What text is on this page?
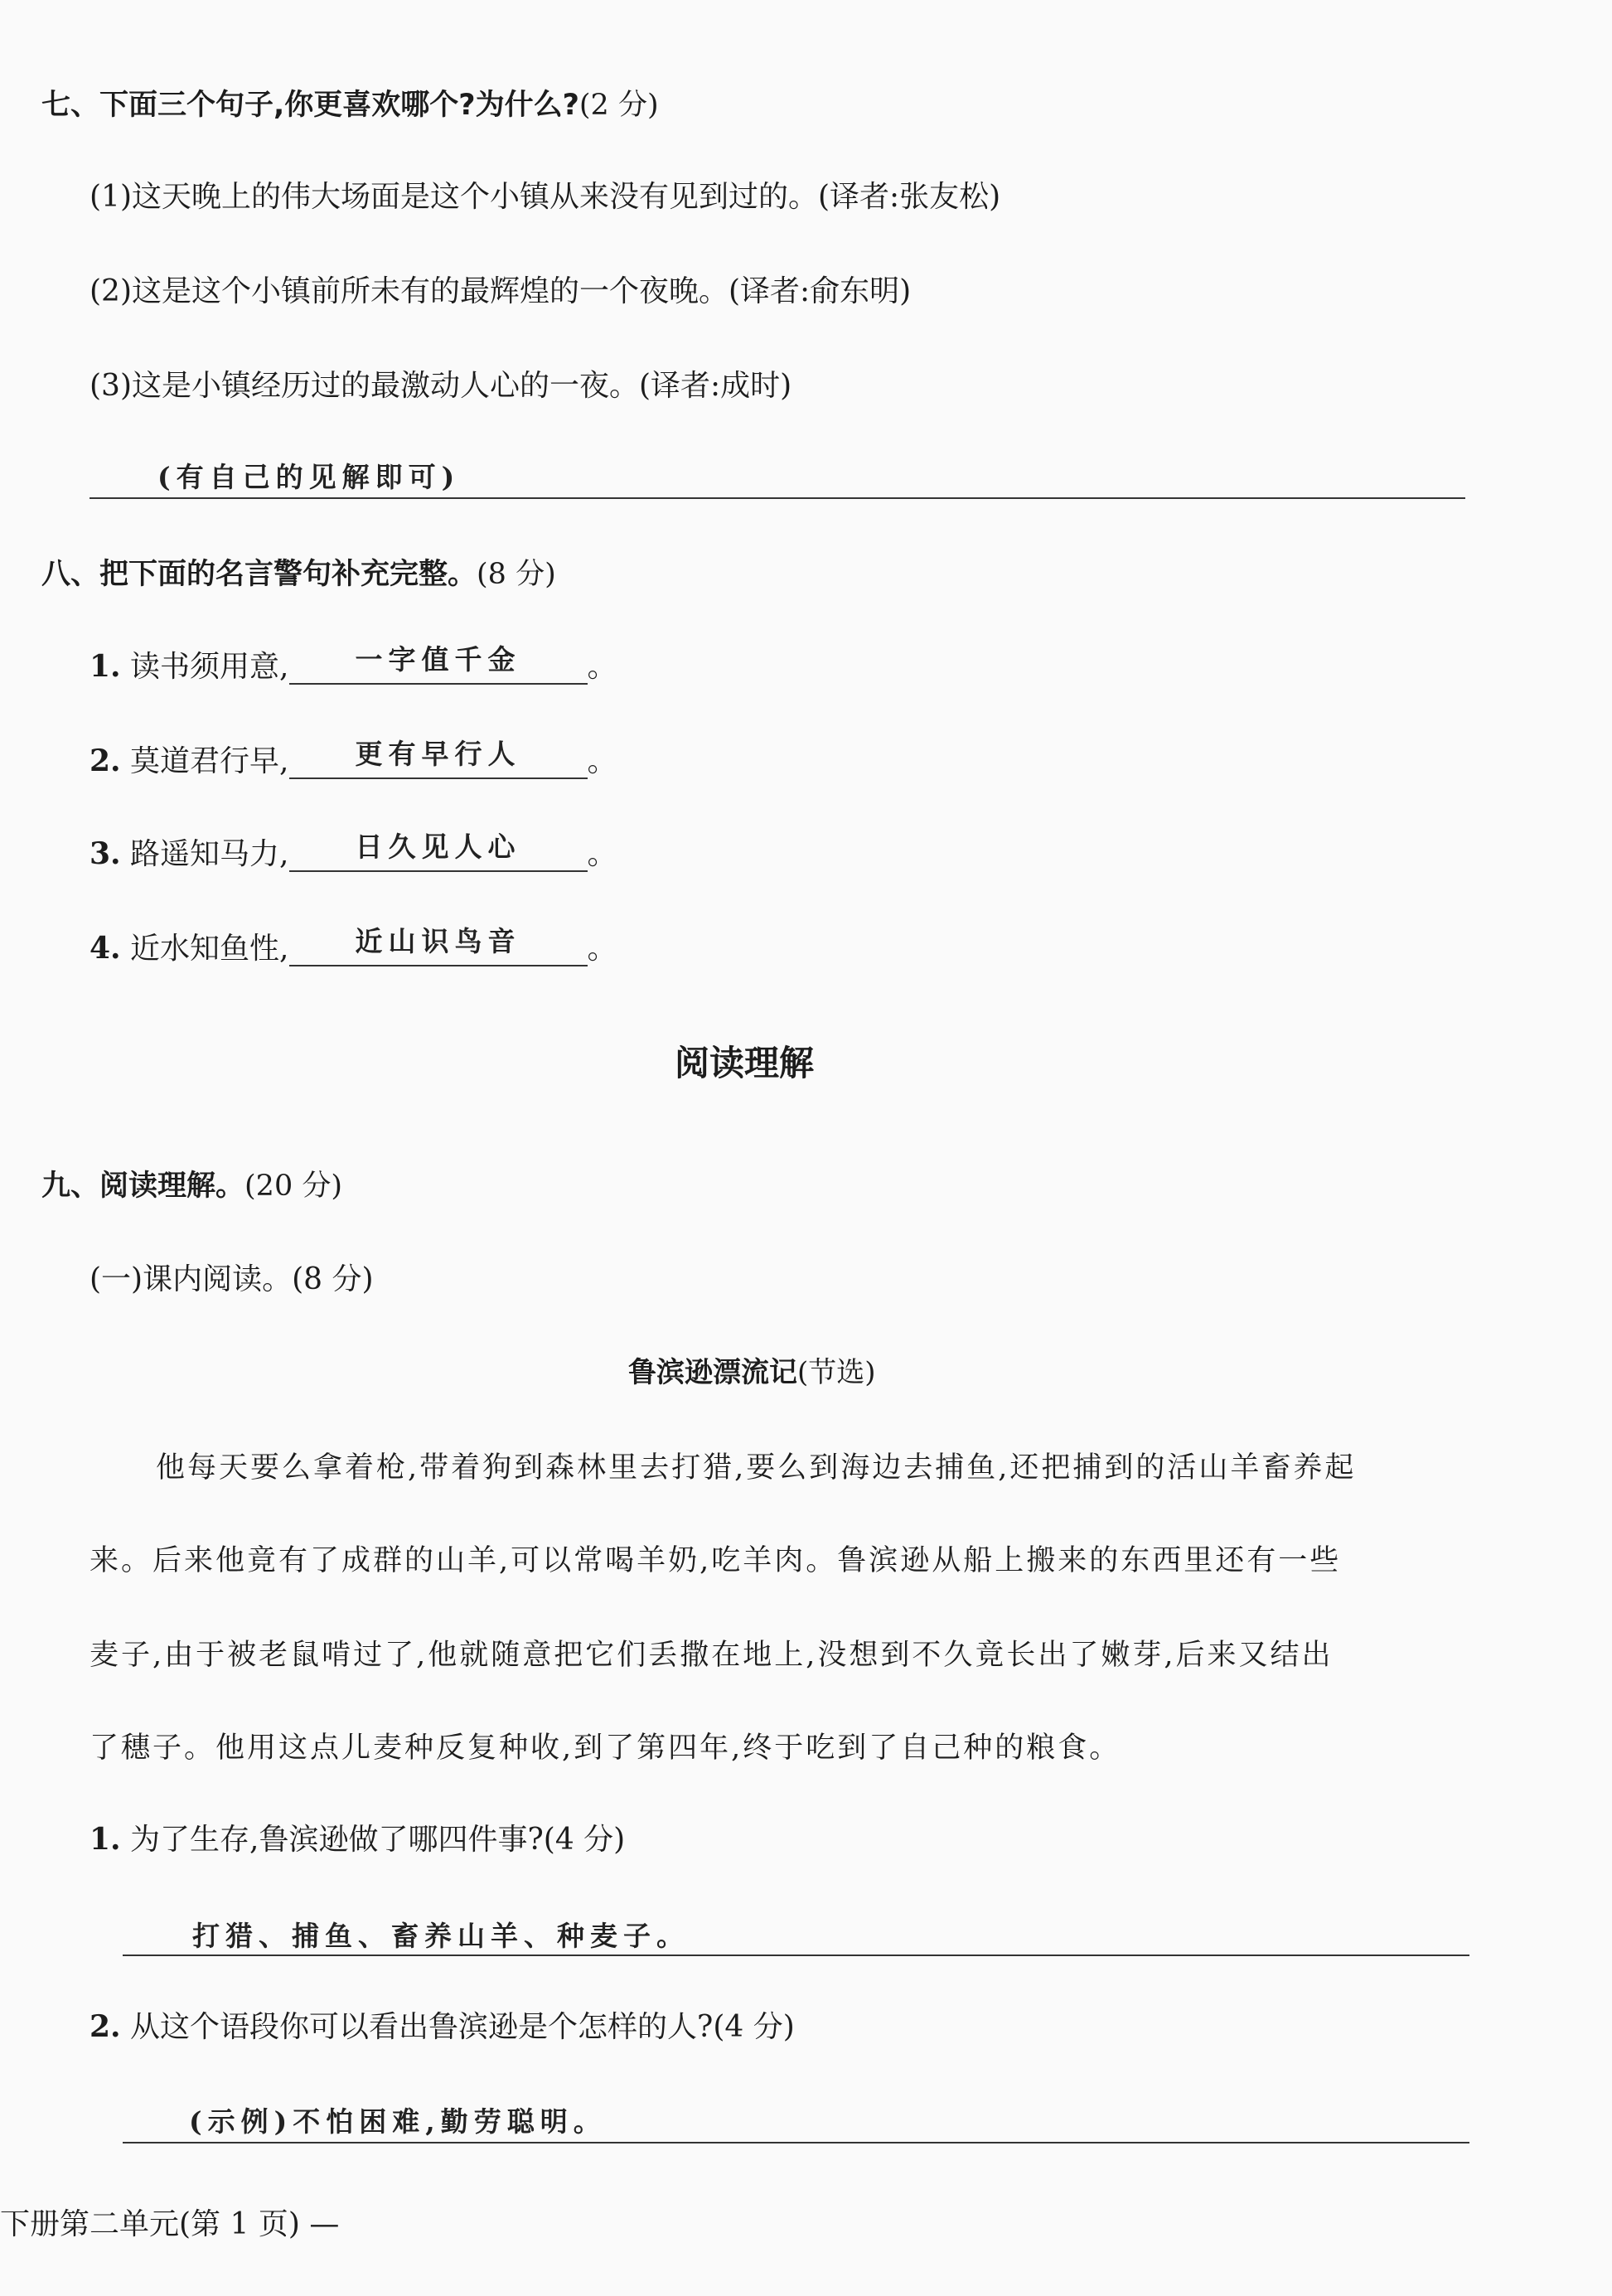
七、下面三个句子,你更喜欢哪个?为什么?(2 分)
(1)这天晚上的伟大场面是这个小镇从来没有见到过的。(译者:张友松)
(2)这是这个小镇前所未有的最辉煌的一个夜晚。(译者:俞东明)
(3)这是小镇经历过的最激动人心的一夜。(译者:成时)
(有自己的见解即可)
八、把下面的名言警句补充完整。(8 分)
1. 读书须用意, 一字值千金 。
2. 莫道君行早, 更有早行人 。
3. 路遥知马力, 日久见人心 。
4. 近水知鱼性, 近山识鸟音 。
阅读理解
九、阅读理解。(20 分)
(一)课内阅读。(8 分)
鲁滨逊漂流记(节选)
他每天要么拿着枪,带着狗到森林里去打猎,要么到海边去捕鱼,还把捕到的活山羊畜养起
来。后来他竟有了成群的山羊,可以常喝羊奶,吃羊肉。鲁滨逊从船上搬来的东西里还有一些
麦子,由于被老鼠啃过了,他就随意把它们丢撒在地上,没想到不久竟长出了嫩芽,后来又结出
了穗子。他用这点儿麦种反复种收,到了第四年,终于吃到了自己种的粮食。
1. 为了生存,鲁滨逊做了哪四件事?(4 分)
打猎、捕鱼、畜养山羊、种麦子。
2. 从这个语段你可以看出鲁滨逊是个怎样的人?(4 分)
(示例)不怕困难,勤劳聪明。
下册第二单元(第 1 页) —
